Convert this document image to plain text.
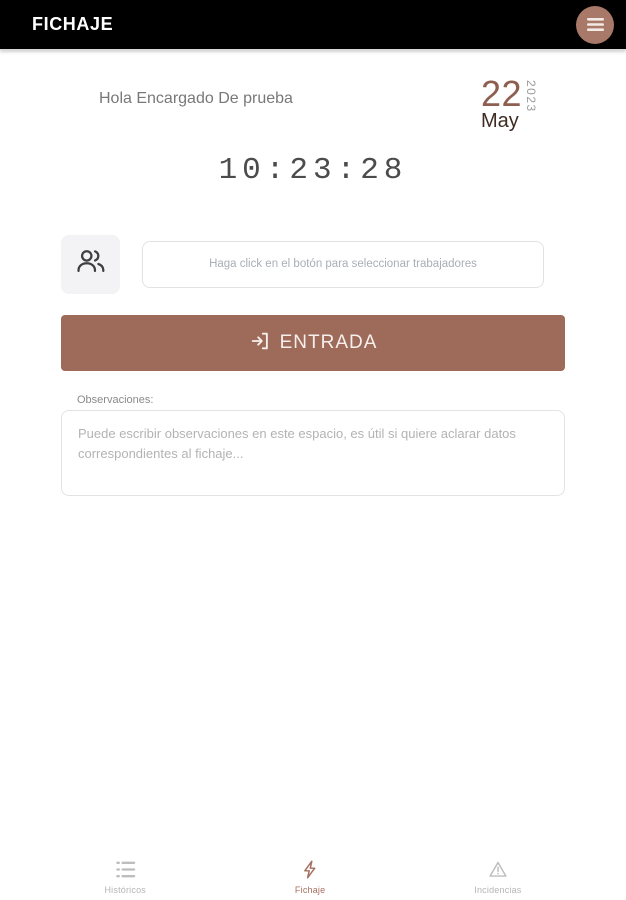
FICHAJE
Hola Encargado De prueba	22
May
2023
10:23:28
Haga click en el botón para seleccionar trabajadores
ENTRADA
Observaciones:
Puede escribir observaciones en este espacio, es útil si quiere aclarar datos correspondientes al fichaje...
Históricos	Fichaje	Incidencias
